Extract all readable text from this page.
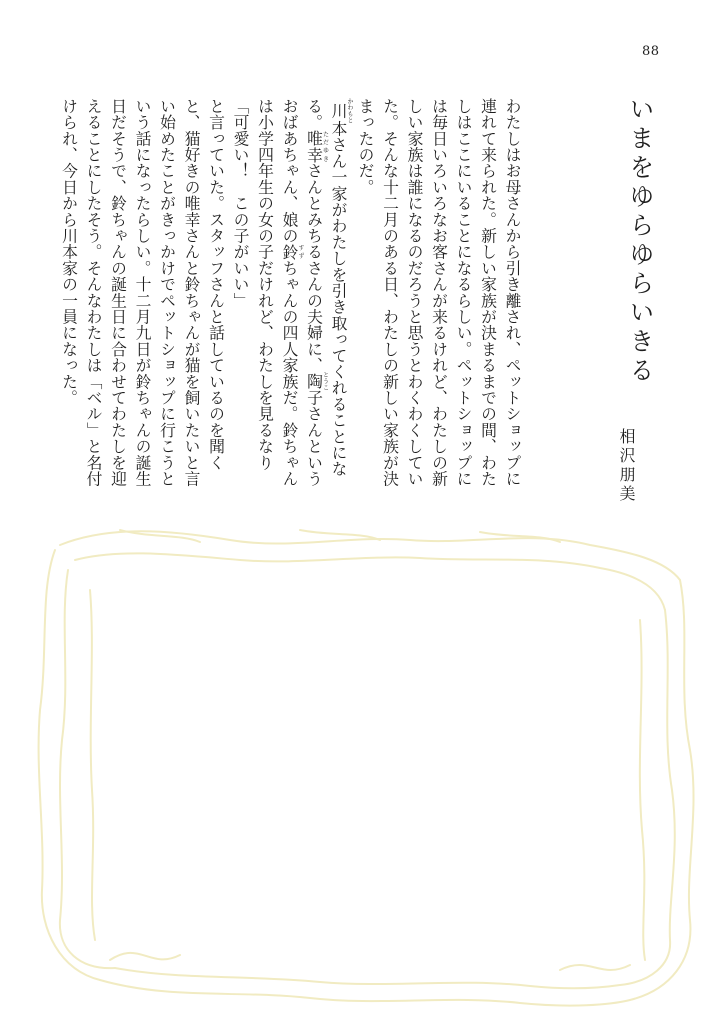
88
いまをゆらゆらいきる
相沢朋美

わたしはお母さんから引き離され、ペットショップに連れて来られた。新しい家族が決まるまでの間、わたしはここにいることになるらしい。ペットショップには毎日いろいろなお客さんが来るけれど、わたしの新しい家族は誰になるのだろうと思うとわくわくしていた。そんな十二月のある日、わたしの新しい家族が決まったのだ。

川かわもと本さん一家がわたしを引き取ってくれることになる。唯ただ幸ゆきさんとみちるさんの夫婦に、陶とうこ子さんというおばあちゃん、娘の鈴すずちゃんの四人家族だ。鈴ちゃんは小学四年生の女の子だけれど、わたしを見るなり

「可愛い！　この子がいい」

と言っていた。スタッフさんと話しているのを聞くと、猫好きの唯幸さんと鈴ちゃんが猫を飼いたいと言い始めたことがきっかけでペットショップに行こうという話になったらしい。十二月九日が鈴ちゃんの誕生日だそうで、鈴ちゃんの誕生日に合わせてわたしを迎えることにしたそう。そんなわたしは「ベル」と名付けられ、今日から川本家の一員になった。
